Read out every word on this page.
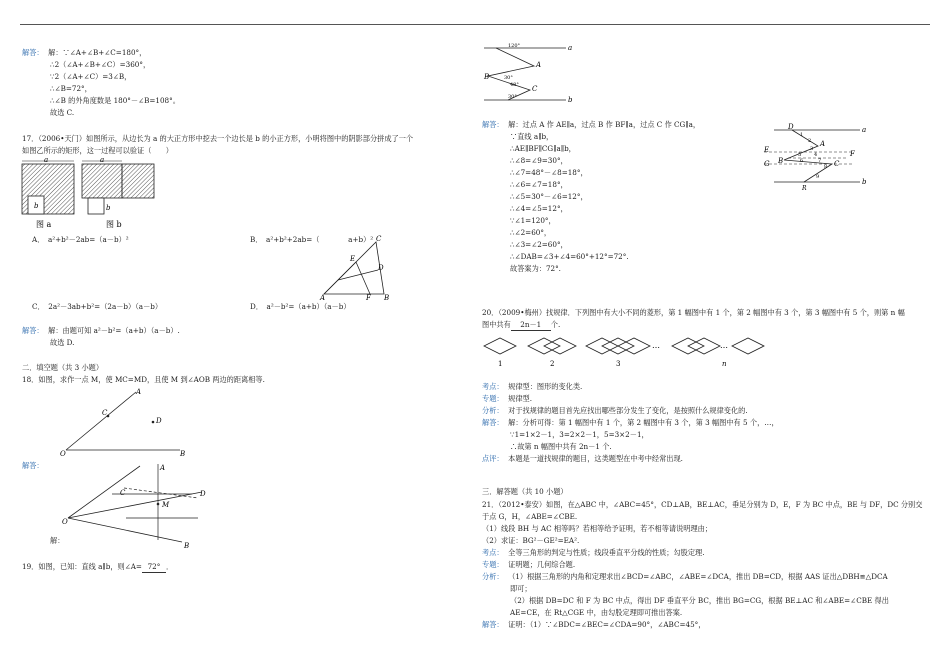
解答： 解：∵∠A+∠B+∠C=180°，
∴2（∠A+∠B+∠C）=360°，
∵2（∠A+∠C）=3∠B，
∴∠B=72°，
∴∠B 的外角度数是 180°－∠B=108°。
故选 C.
17．（2006•天门）如图所示，从边长为 a 的大正方形中挖去一个边长是 b 的小正方形，小明将图中的阴影部分拼成了一个
如图乙所示的矩形，这一过程可以验证（　　）
a
b
a
b
图 a	图 b
A．　a²+b²－2ab=（a－b）²	B．　a²+b²+2ab=（　　　　a+b）² C
E
D
A	F B
C．　2a²－3ab+b²=（2a－b）（a－b）	D．　a²－b²=（a+b）（a－b）
解答： 解：由题可知 a²－b²=（a+b）（a－b）.
故选 D.
二．填空题（共 3 小题）
18．如图，求作一点 M，使 MC=MD，且使 M 到∠AOB 两边的距离相等.
A
C
D
O	B
解答：	A
C	D
M
O
B
解：
19．如图，已知：直线 a∥b，则∠A= 72° ．
120°
30°
48°
30°
A
B
C
a
b
解答： 解：过点 A 作 AE∥a，过点 B 作 BF∥a，过点 C 作 CG∥a，
∵直线 a∥b，
∴AE∥BF∥CG∥a∥b，
∴∠8=∠9=30°，
∴∠7=48°－∠8=18°，
∴∠6=∠7=18°，
∴∠5=30°－∠6=12°，
∴∠4=∠5=12°，
∵∠1=120°，
∴∠2=60°，
∴∠3=∠2=60°，
∴∠DAB=∠3+∠4=60°+12°=72°.
故答案为：72°.
D
A
B	C
E
G
F
R
a
b
1
2
3
4
5
6	7
8
9
20．（2009•梅州）找规律．下列图中有大小不同的菱形，第 1 幅图中有 1 个，第 2 幅图中有 3 个，第 3 幅图中有 5 个，则第 n 幅
图中共有 2n－1 个.
…	…
1	2	3	n
考点： 规律型：图形的变化类.
专题： 规律型.
分析： 对于找规律的题目首先应找出哪些部分发生了变化，是按照什么规律变化的.
解答： 解：分析可得：第 1 幅图中有 1 个，第 2 幅图中有 3 个，第 3 幅图中有 5 个，…，
∵1=1×2－1，3=2×2－1，5=3×2－1，
∴故第 n 幅图中共有 2n－1 个.
点评： 本题是一道找规律的题目，这类题型在中考中经常出现.
三．解答题（共 10 小题）
21．（2012•泰安）如图，在△ABC 中，∠ABC=45°，CD⊥AB，BE⊥AC，垂足分别为 D，E，F 为 BC 中点，BE 与 DF，DC 分别交
于点 G，H，∠ABE=∠CBE.
（1）线段 BH 与 AC 相等吗？若相等给予证明，若不相等请说明理由；
（2）求证：BG²－GE²=EA².
考点： 全等三角形的判定与性质；线段垂直平分线的性质；勾股定理.
专题： 证明题；几何综合题.
分析： （1）根据三角形的内角和定理求出∠BCD=∠ABC，∠ABE=∠DCA，推出 DB=CD，根据 AAS 证出△DBH≌△DCA
即可；
（2）根据 DB=DC 和 F 为 BC 中点，得出 DF 垂直平分 BC，推出 BG=CG，根据 BE⊥AC 和∠ABE=∠CBE 得出
AE=CE，在 Rt△CGE 中，由勾股定理即可推出答案.
解答： 证明：（1）∵∠BDC=∠BEC=∠CDA=90°，∠ABC=45°，
